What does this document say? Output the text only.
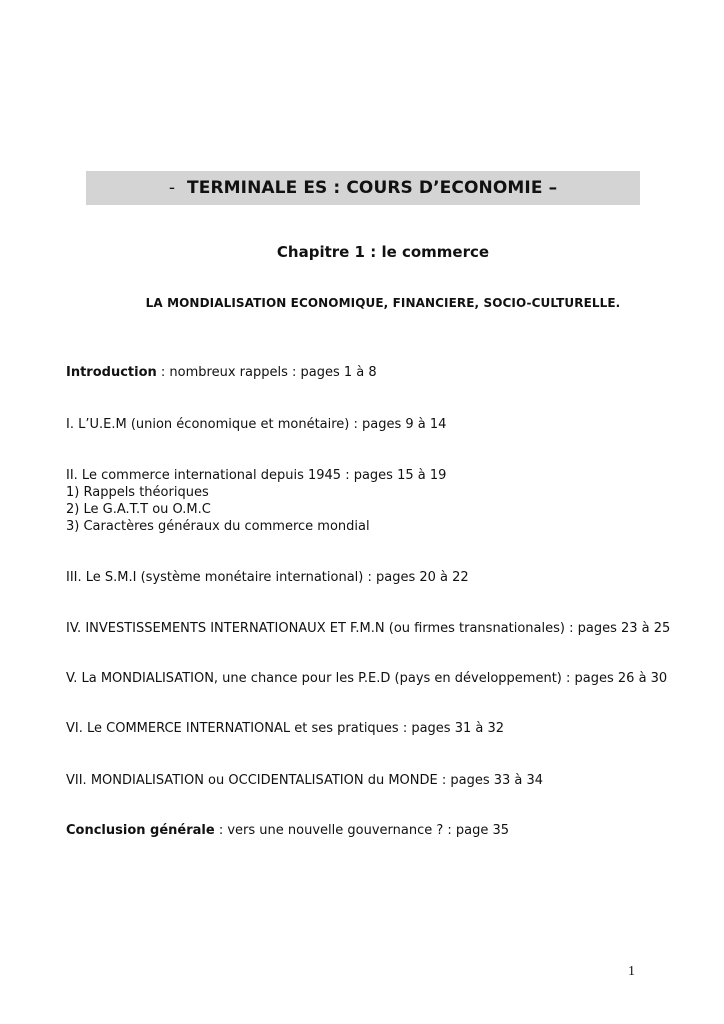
- TERMINALE ES : COURS D’ECONOMIE –
Chapitre 1 : le commerce
LA MONDIALISATION ECONOMIQUE, FINANCIERE, SOCIO-CULTURELLE.
Introduction : nombreux rappels : pages 1 à 8
I. L’U.E.M (union économique et monétaire) : pages 9 à 14
II. Le commerce international depuis 1945 : pages 15 à 19
1) Rappels théoriques
2) Le G.A.T.T ou O.M.C
3) Caractères généraux du commerce mondial
III. Le S.M.I (système monétaire international) : pages 20 à 22
IV. INVESTISSEMENTS INTERNATIONAUX ET F.M.N (ou firmes transnationales) : pages 23 à 25
V. La MONDIALISATION, une chance pour les P.E.D (pays en développement) : pages 26 à 30
VI. Le COMMERCE INTERNATIONAL et ses pratiques : pages 31 à 32
VII. MONDIALISATION ou OCCIDENTALISATION du MONDE : pages 33 à 34
Conclusion générale : vers une nouvelle gouvernance ? : page 35
1
